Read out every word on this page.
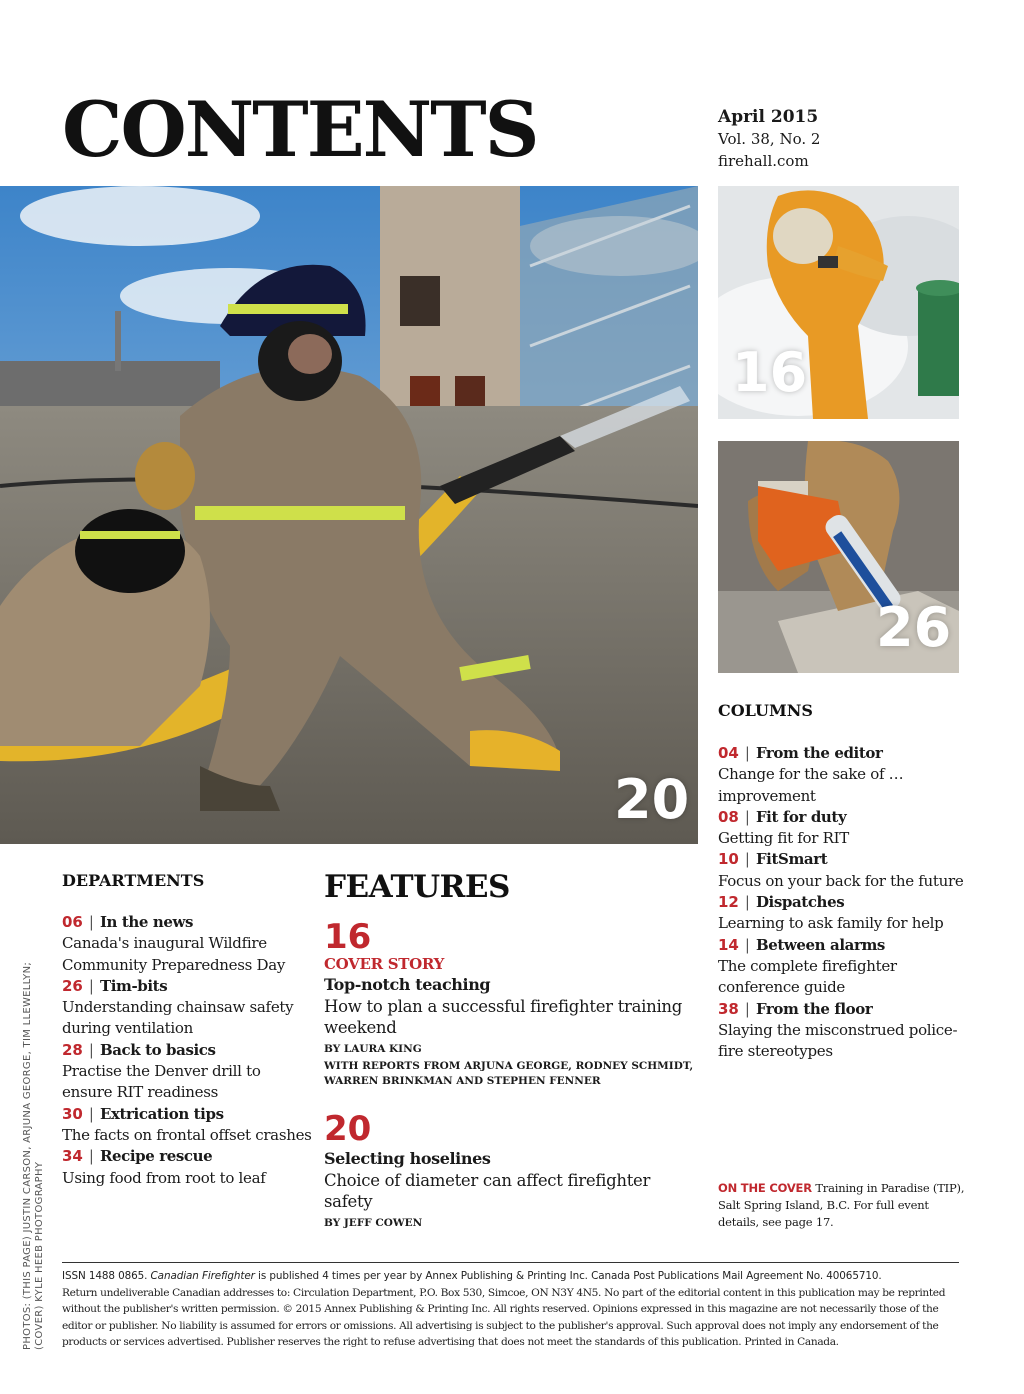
CONTENTS	April 2015
Vol. 38, No. 2
firehall.com
20
16
26
COLUMNS
04 | From the editor
Change for the sake of … improvement
08 | Fit for duty
Getting fit for RIT
10 | FitSmart
Focus on your back for the future
12 | Dispatches
Learning to ask family for help
14 | Between alarms
The complete firefighter conference guide
38 | From the floor
Slaying the misconstrued police-fire stereotypes
DEPARTMENTS
06 | In the news
Canada's inaugural Wildfire Community Preparedness Day
26 | Tim-bits
Understanding chainsaw safety during ventilation
28 | Back to basics
Practise the Denver drill to ensure RIT readiness
30 | Extrication tips
The facts on frontal offset crashes
34 | Recipe rescue
Using food from root to leaf
FEATURES
16
COVER STORY
Top-notch teaching
How to plan a successful firefighter training weekend
BY LAURA KING
WITH REPORTS FROM ARJUNA GEORGE, RODNEY SCHMIDT, WARREN BRINKMAN AND STEPHEN FENNER
20
Selecting hoselines
Choice of diameter can affect firefighter safety
BY JEFF COWEN
ON THE COVER Training in Paradise (TIP), Salt Spring Island, B.C. For full event details, see page 17.
PHOTOS: (THIS PAGE) JUSTIN CARSON, ARJUNA GEORGE, TIM LLEWELLYN; (COVER) KYLE HEEB PHOTOGRAPHY ISSN 1488 0865. Canadian Firefighter is published 4 times per year by Annex Publishing & Printing Inc. Canada Post Publications Mail Agreement No. 40065710.
Return undeliverable Canadian addresses to: Circulation Department, P.O. Box 530, Simcoe, ON N3Y 4N5. No part of the editorial content in this publication may be reprinted without the publisher's written permission. © 2015 Annex Publishing & Printing Inc. All rights reserved. Opinions expressed in this magazine are not necessarily those of the editor or publisher. No liability is assumed for errors or omissions. All advertising is subject to the publisher's approval. Such approval does not imply any endorsement of the products or services advertised. Publisher reserves the right to refuse advertising that does not meet the standards of this publication. Printed in Canada.
